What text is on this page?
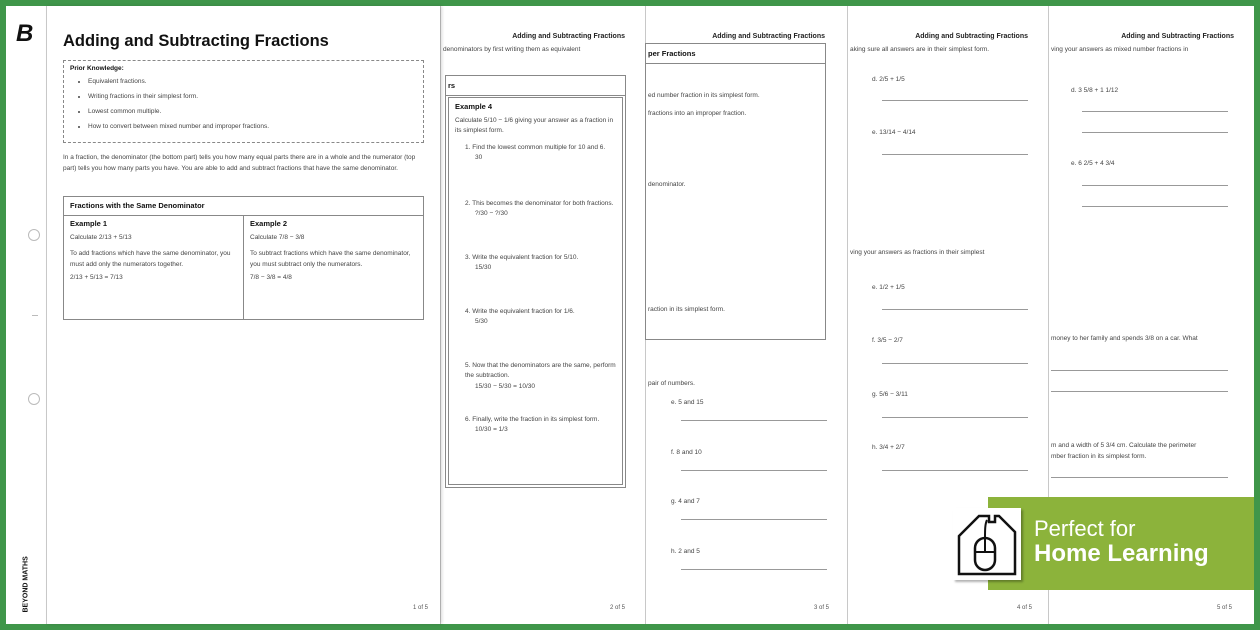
B
BEYOND MATHS
Adding and Subtracting Fractions
ving your answers as mixed number fractions in
d. 3 5/8 + 1 1/12
e. 6 2/5 + 4 3/4
money to her family and spends 3/8 on a car. What
m and a width of 5 3/4 cm. Calculate the perimeter
mber fraction in its simplest form.
5 of 5
Adding and Subtracting Fractions
aking sure all answers are in their simplest form.
d. 2/5 + 1/5
e. 13/14 − 4/14
ving your answers as fractions in their simplest
e. 1/2 + 1/5
f. 3/5 − 2/7
g. 5/6 − 3/11
h. 3/4 + 2/7
4 of 5
Adding and Subtracting Fractions
per Fractions
ed number fraction in its simplest form.
fractions into an improper fraction.
denominator.
raction in its simplest form.
pair of numbers.
e. 5 and 15
f. 8 and 10
g. 4 and 7
h. 2 and 5
3 of 5
Adding and Subtracting Fractions
denominators by first writing them as equivalent
rs
Example 4
Calculate 5/10 − 1/6 giving your answer as a fraction in its simplest form.
1. Find the lowest common multiple for 10 and 6.
30
2. This becomes the denominator for both fractions.
?/30 − ?/30
3. Write the equivalent fraction for 5/10.
15/30
4. Write the equivalent fraction for 1/6.
5/30
5. Now that the denominators are the same, perform the subtraction.
15/30 − 5/30 = 10/30
6. Finally, write the fraction in its simplest form.
10/30 = 1/3
2 of 5
Adding and Subtracting Fractions
Prior Knowledge:
• Equivalent fractions.
• Writing fractions in their simplest form.
• Lowest common multiple.
• How to convert between mixed number and improper fractions.
In a fraction, the denominator (the bottom part) tells you how many equal parts there are in a whole and the numerator (top part) tells you how many parts you have. You are able to add and subtract fractions that have the same denominator.
Fractions with the Same Denominator
Example 1
Calculate 2/13 + 5/13
To add fractions which have the same denominator, you must add only the numerators together.
2/13 + 5/13 = 7/13
Example 2
Calculate 7/8 − 3/8
To subtract fractions which have the same denominator, you must subtract only the numerators.
7/8 − 3/8 = 4/8
1 of 5
Perfect for
Home Learning
